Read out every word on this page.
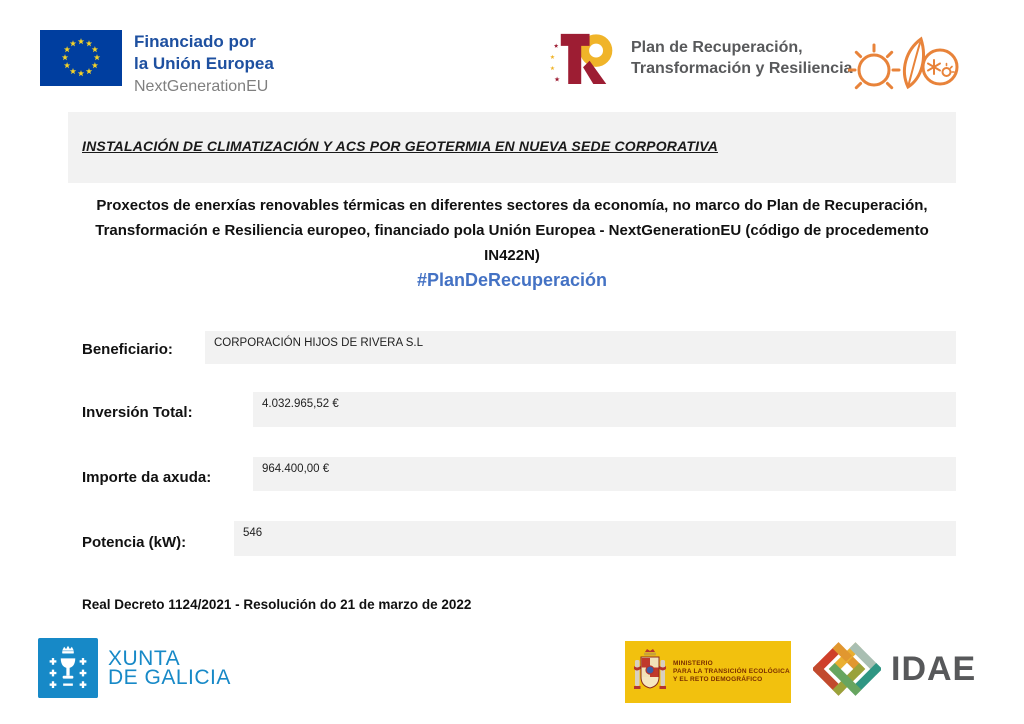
Financiado por
la Unión Europea
NextGenerationEU
Plan de Recuperación,
Transformación y Resiliencia
INSTALACIÓN DE CLIMATIZACIÓN Y ACS POR GEOTERMIA EN NUEVA SEDE CORPORATIVA
Proxectos de enerxías renovables térmicas en diferentes sectores da economía, no marco do Plan de Recuperación, Transformación e Resiliencia europeo, financiado pola Unión Europea - NextGenerationEU (código de procedemento IN422N)
#PlanDeRecuperación
Beneficiario:	CORPORACIÓN HIJOS DE RIVERA S.L
Inversión Total:	4.032.965,52 €
Importe da axuda:	964.400,00 €
Potencia (kW):
546
Real Decreto 1124/2021 - Resolución do 21 de marzo de 2022
XUNTA
DE GALICIA
MINISTERIO
PARA LA TRANSICIÓN ECOLÓGICA
Y EL RETO DEMOGRÁFICO	IDAE
